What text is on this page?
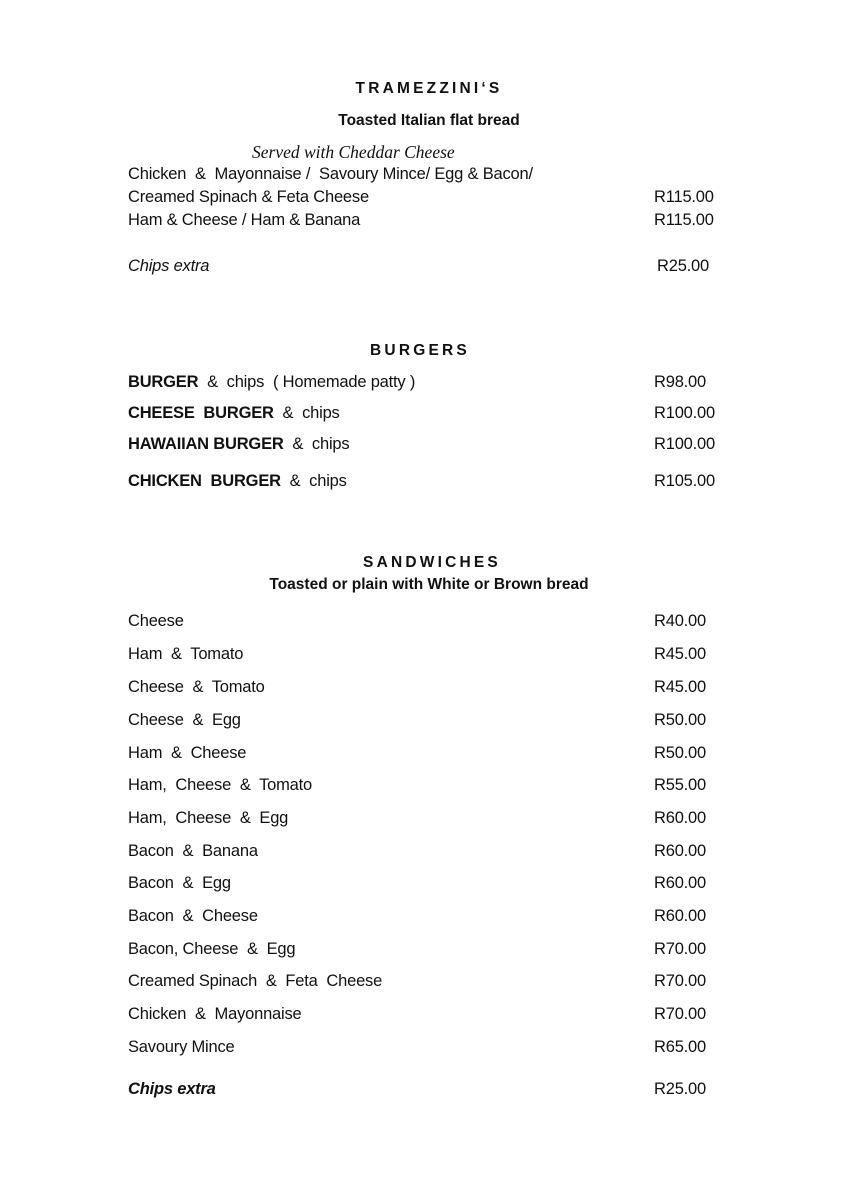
TRAMEZZINI‘S
Toasted Italian flat bread
Served with Cheddar Cheese
Chicken  &  Mayonnaise /  Savoury Mince/ Egg & Bacon/
Creamed Spinach & Feta Cheese	R115.00
Ham & Cheese / Ham & Banana	R115.00
Chips extra	R25.00
BURGERS
BURGER  &  chips  ( Homemade patty )	R98.00
CHEESE  BURGER  &  chips	R100.00
HAWAIIAN BURGER  &  chips	R100.00
CHICKEN  BURGER  &  chips	R105.00
SANDWICHES
Toasted or plain with White or Brown bread
Cheese	R40.00
Ham  &  Tomato	R45.00
Cheese  &  Tomato	R45.00
Cheese  &  Egg	R50.00
Ham  &  Cheese	R50.00
Ham,  Cheese  &  Tomato	R55.00
Ham,  Cheese  &  Egg	R60.00
Bacon  &  Banana	R60.00
Bacon  &  Egg	R60.00
Bacon  &  Cheese	R60.00
Bacon, Cheese  &  Egg	R70.00
Creamed Spinach  &  Feta  Cheese	R70.00
Chicken  &  Mayonnaise	R70.00
Savoury Mince	R65.00
Chips extra	R25.00
